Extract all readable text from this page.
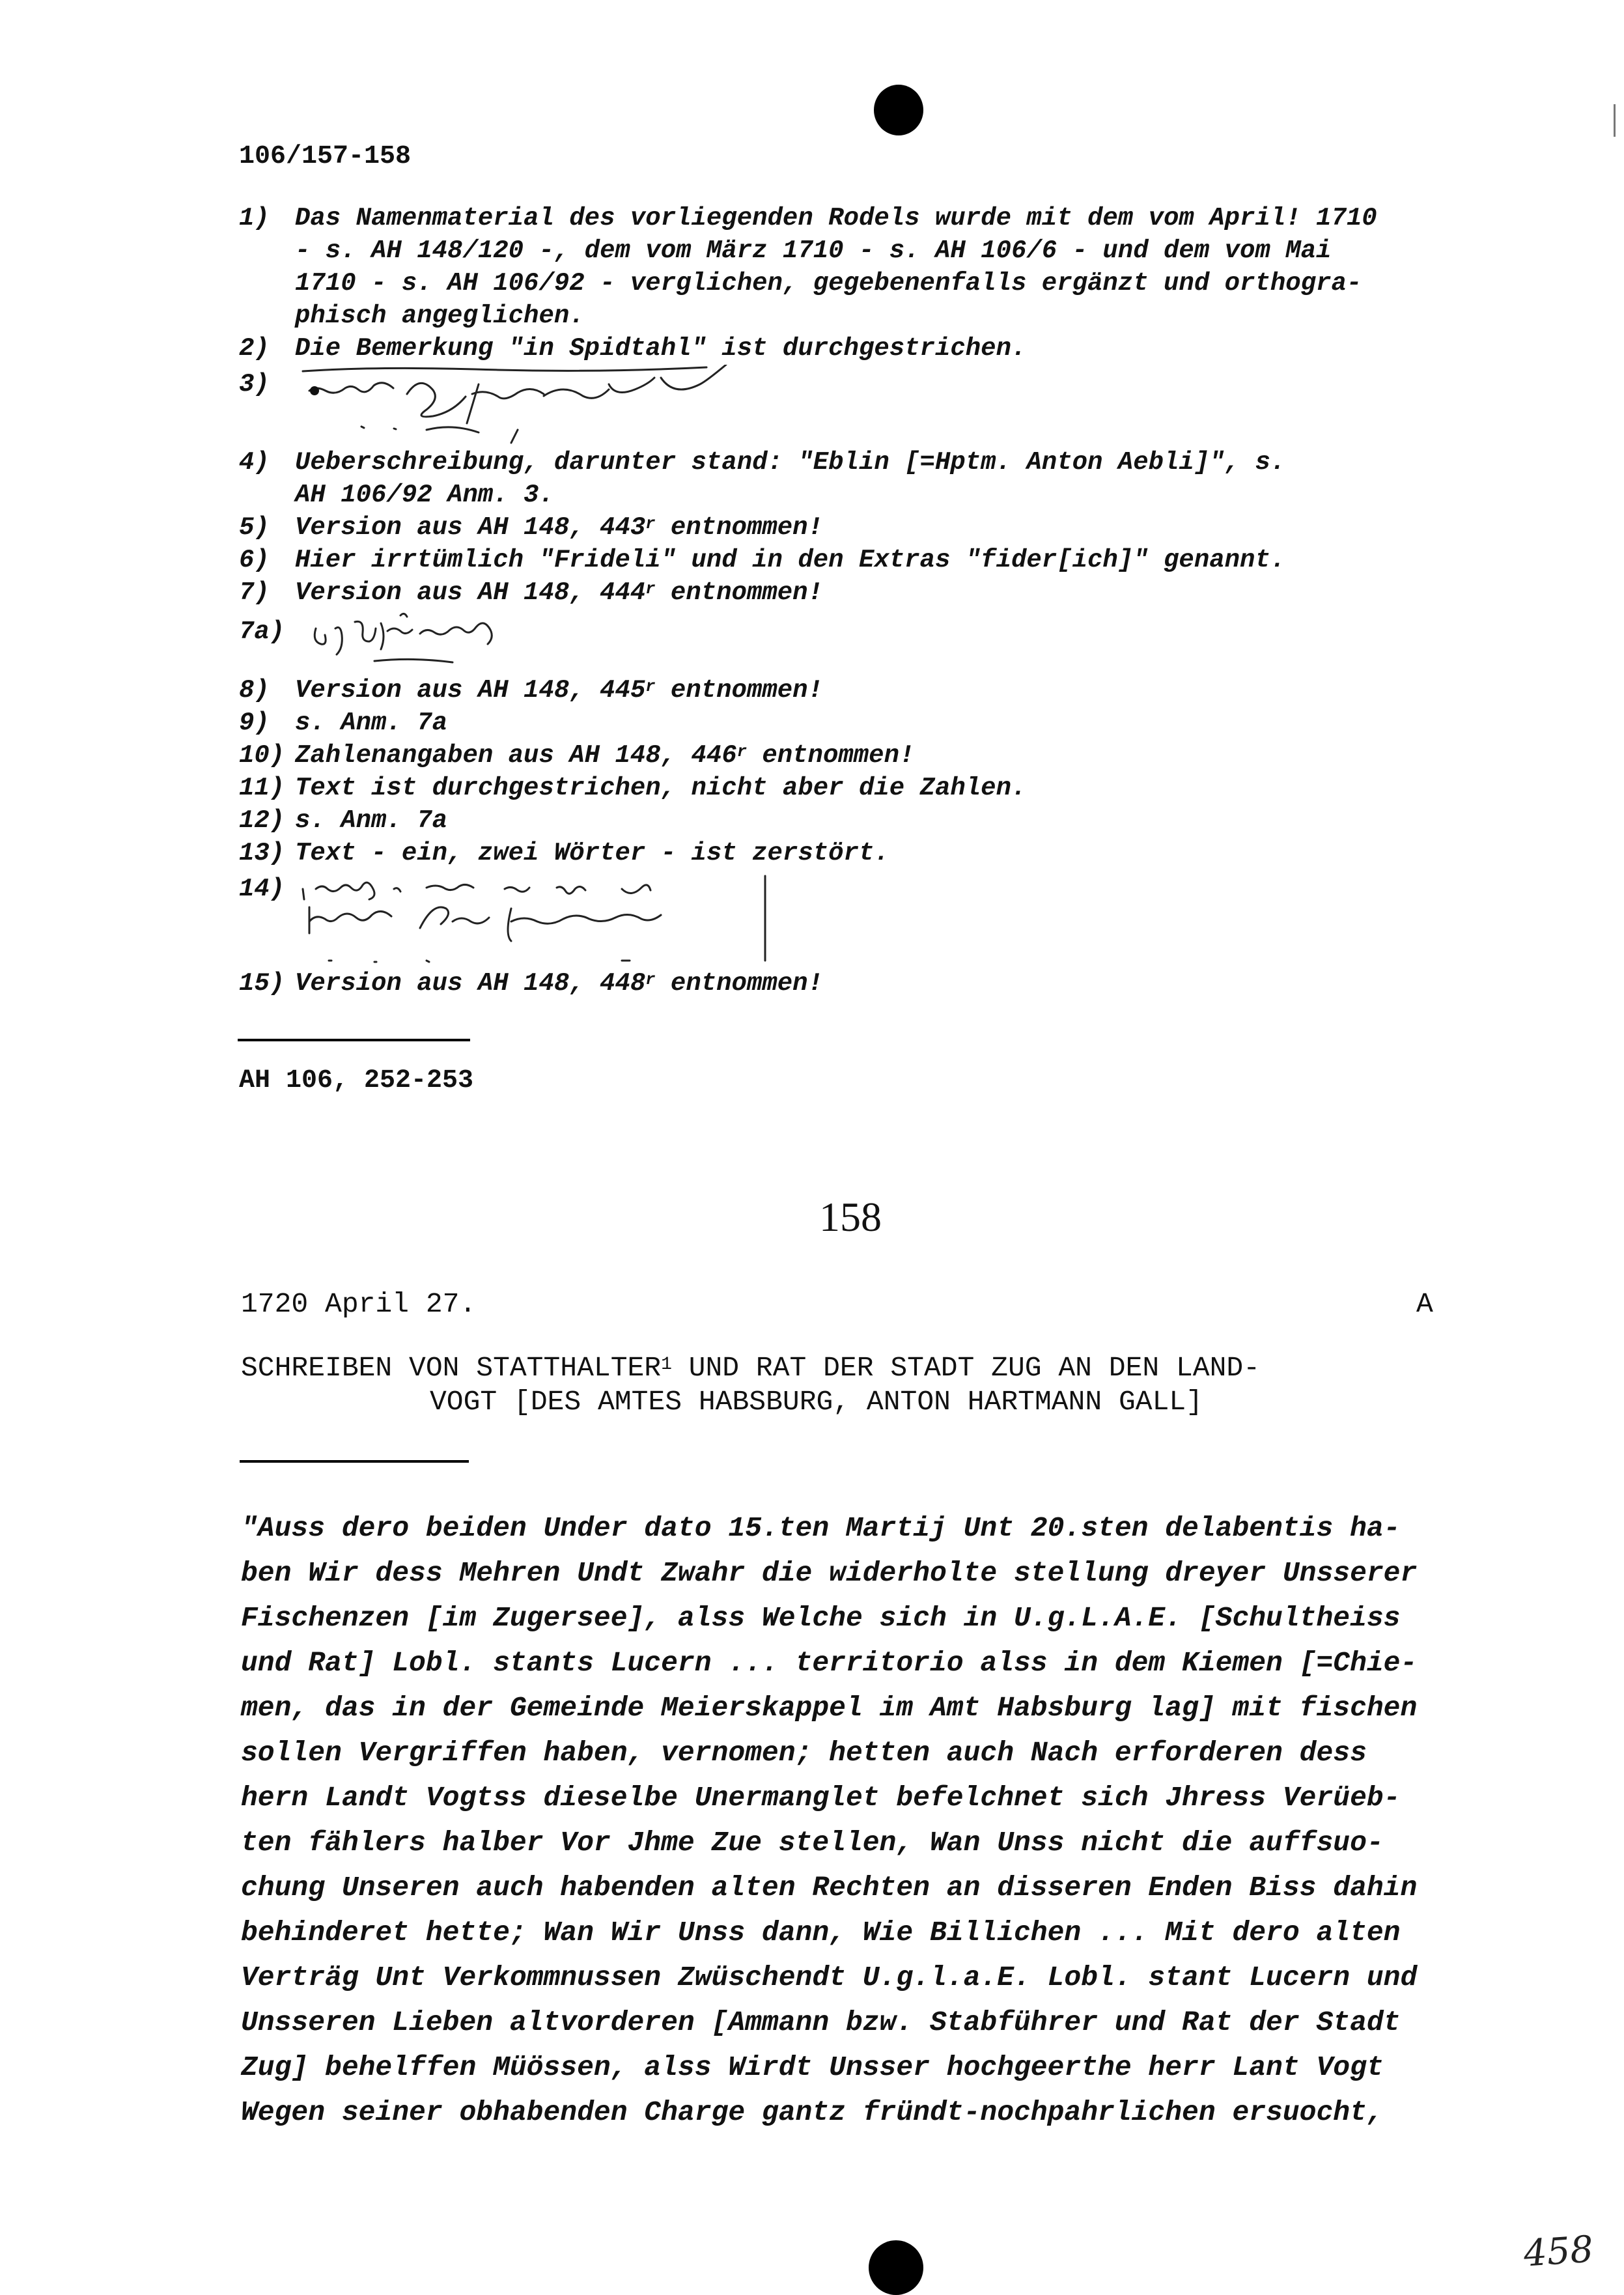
106/157-158
1) Das Namenmaterial des vorliegenden Rodels wurde mit dem vom April! 1710
- s. AH 148/120 -, dem vom März 1710 - s. AH 106/6 - und dem vom Mai
1710 - s. AH 106/92 - verglichen, gegebenenfalls ergänzt und orthogra-
phisch angeglichen.
2) Die Bemerkung "in Spidtahl" ist durchgestrichen.
3)
4) Ueberschreibung, darunter stand: "Eblin [=Hptm. Anton Aebli]", s.
AH 106/92 Anm. 3.
5) Version aus AH 148, 443$^r$ entnommen!
6) Hier irrtümlich "Frideli" und in den Extras "fider[ich]" genannt.
7) Version aus AH 148, 444$^r$ entnommen!
7a)
8) Version aus AH 148, 445$^r$ entnommen!
9) s. Anm. 7a
10) Zahlenangaben aus AH 148, 446$^r$ entnommen!
11) Text ist durchgestrichen, nicht aber die Zahlen.
12) s. Anm. 7a
13) Text - ein, zwei Wörter - ist zerstört.
14)
15) Version aus AH 148, 448$^r$ entnommen!
AH 106, 252-253
158
1720 April 27.	A
SCHREIBEN VON STATTHALTER$^1$ UND RAT DER STADT ZUG AN DEN LAND-
VOGT [DES AMTES HABSBURG, ANTON HARTMANN GALL]
"Auss dero beiden Under dato 15.ten Martij Unt 20.sten delabentis ha-
ben Wir dess Mehren Undt Zwahr die widerholte stellung dreyer Unsserer
Fischenzen [im Zugersee], alss Welche sich in U.g.L.A.E. [Schultheiss
und Rat] Lobl. stants Lucern ... territorio alss in dem Kiemen [=Chie-
men, das in der Gemeinde Meierskappel im Amt Habsburg lag] mit fischen
sollen Vergriffen haben, vernomen; hetten auch Nach erforderen dess
hern Landt Vogtss dieselbe Unermanglet befelchnet sich Jhress Verüeb-
ten fählers halber Vor Jhme Zue stellen, Wan Unss nicht die auffsuo-
chung Unseren auch habenden alten Rechten an disseren Enden Biss dahin
behinderet hette; Wan Wir Unss dann, Wie Billichen ... Mit dero alten
Verträg Unt Verkommnussen Zwüschendt U.g.l.a.E. Lobl. stant Lucern und
Unsseren Lieben altvorderen [Ammann bzw. Stabführer und Rat der Stadt
Zug] behelffen Müössen, alss Wirdt Unsser hochgeerthe herr Lant Vogt
Wegen seiner obhabenden Charge gantz fründt-nochpahrlichen ersuocht,
458
